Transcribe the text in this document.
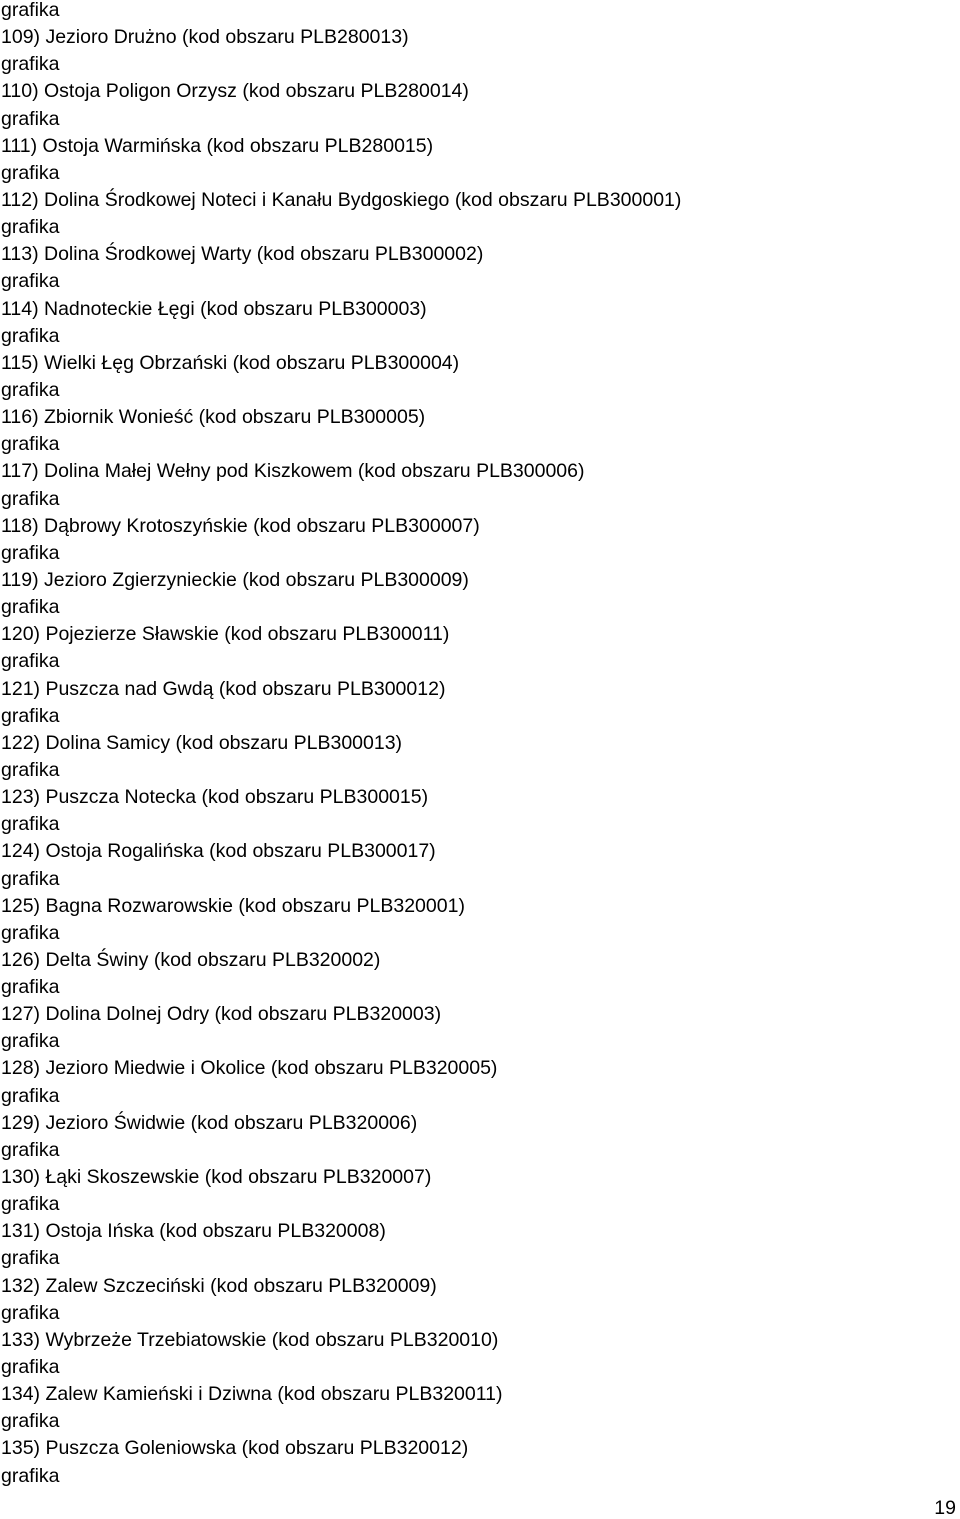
grafika
109) Jezioro Drużno (kod obszaru PLB280013)
grafika
110) Ostoja Poligon Orzysz (kod obszaru PLB280014)
grafika
111) Ostoja Warmińska (kod obszaru PLB280015)
grafika
112) Dolina Środkowej Noteci i Kanału Bydgoskiego (kod obszaru PLB300001)
grafika
113) Dolina Środkowej Warty (kod obszaru PLB300002)
grafika
114) Nadnoteckie Łęgi (kod obszaru PLB300003)
grafika
115) Wielki Łęg Obrzański (kod obszaru PLB300004)
grafika
116) Zbiornik Wonieść (kod obszaru PLB300005)
grafika
117) Dolina Małej Wełny pod Kiszkowem (kod obszaru PLB300006)
grafika
118) Dąbrowy Krotoszyńskie (kod obszaru PLB300007)
grafika
119) Jezioro Zgierzynieckie (kod obszaru PLB300009)
grafika
120) Pojezierze Sławskie (kod obszaru PLB300011)
grafika
121) Puszcza nad Gwdą (kod obszaru PLB300012)
grafika
122) Dolina Samicy (kod obszaru PLB300013)
grafika
123) Puszcza Notecka (kod obszaru PLB300015)
grafika
124) Ostoja Rogalińska (kod obszaru PLB300017)
grafika
125) Bagna Rozwarowskie (kod obszaru PLB320001)
grafika
126) Delta Świny (kod obszaru PLB320002)
grafika
127) Dolina Dolnej Odry (kod obszaru PLB320003)
grafika
128) Jezioro Miedwie i Okolice (kod obszaru PLB320005)
grafika
129) Jezioro Świdwie (kod obszaru PLB320006)
grafika
130) Łąki Skoszewskie (kod obszaru PLB320007)
grafika
131) Ostoja Ińska (kod obszaru PLB320008)
grafika
132) Zalew Szczeciński (kod obszaru PLB320009)
grafika
133) Wybrzeże Trzebiatowskie (kod obszaru PLB320010)
grafika
134) Zalew Kamieński i Dziwna (kod obszaru PLB320011)
grafika
135) Puszcza Goleniowska (kod obszaru PLB320012)
grafika
19
